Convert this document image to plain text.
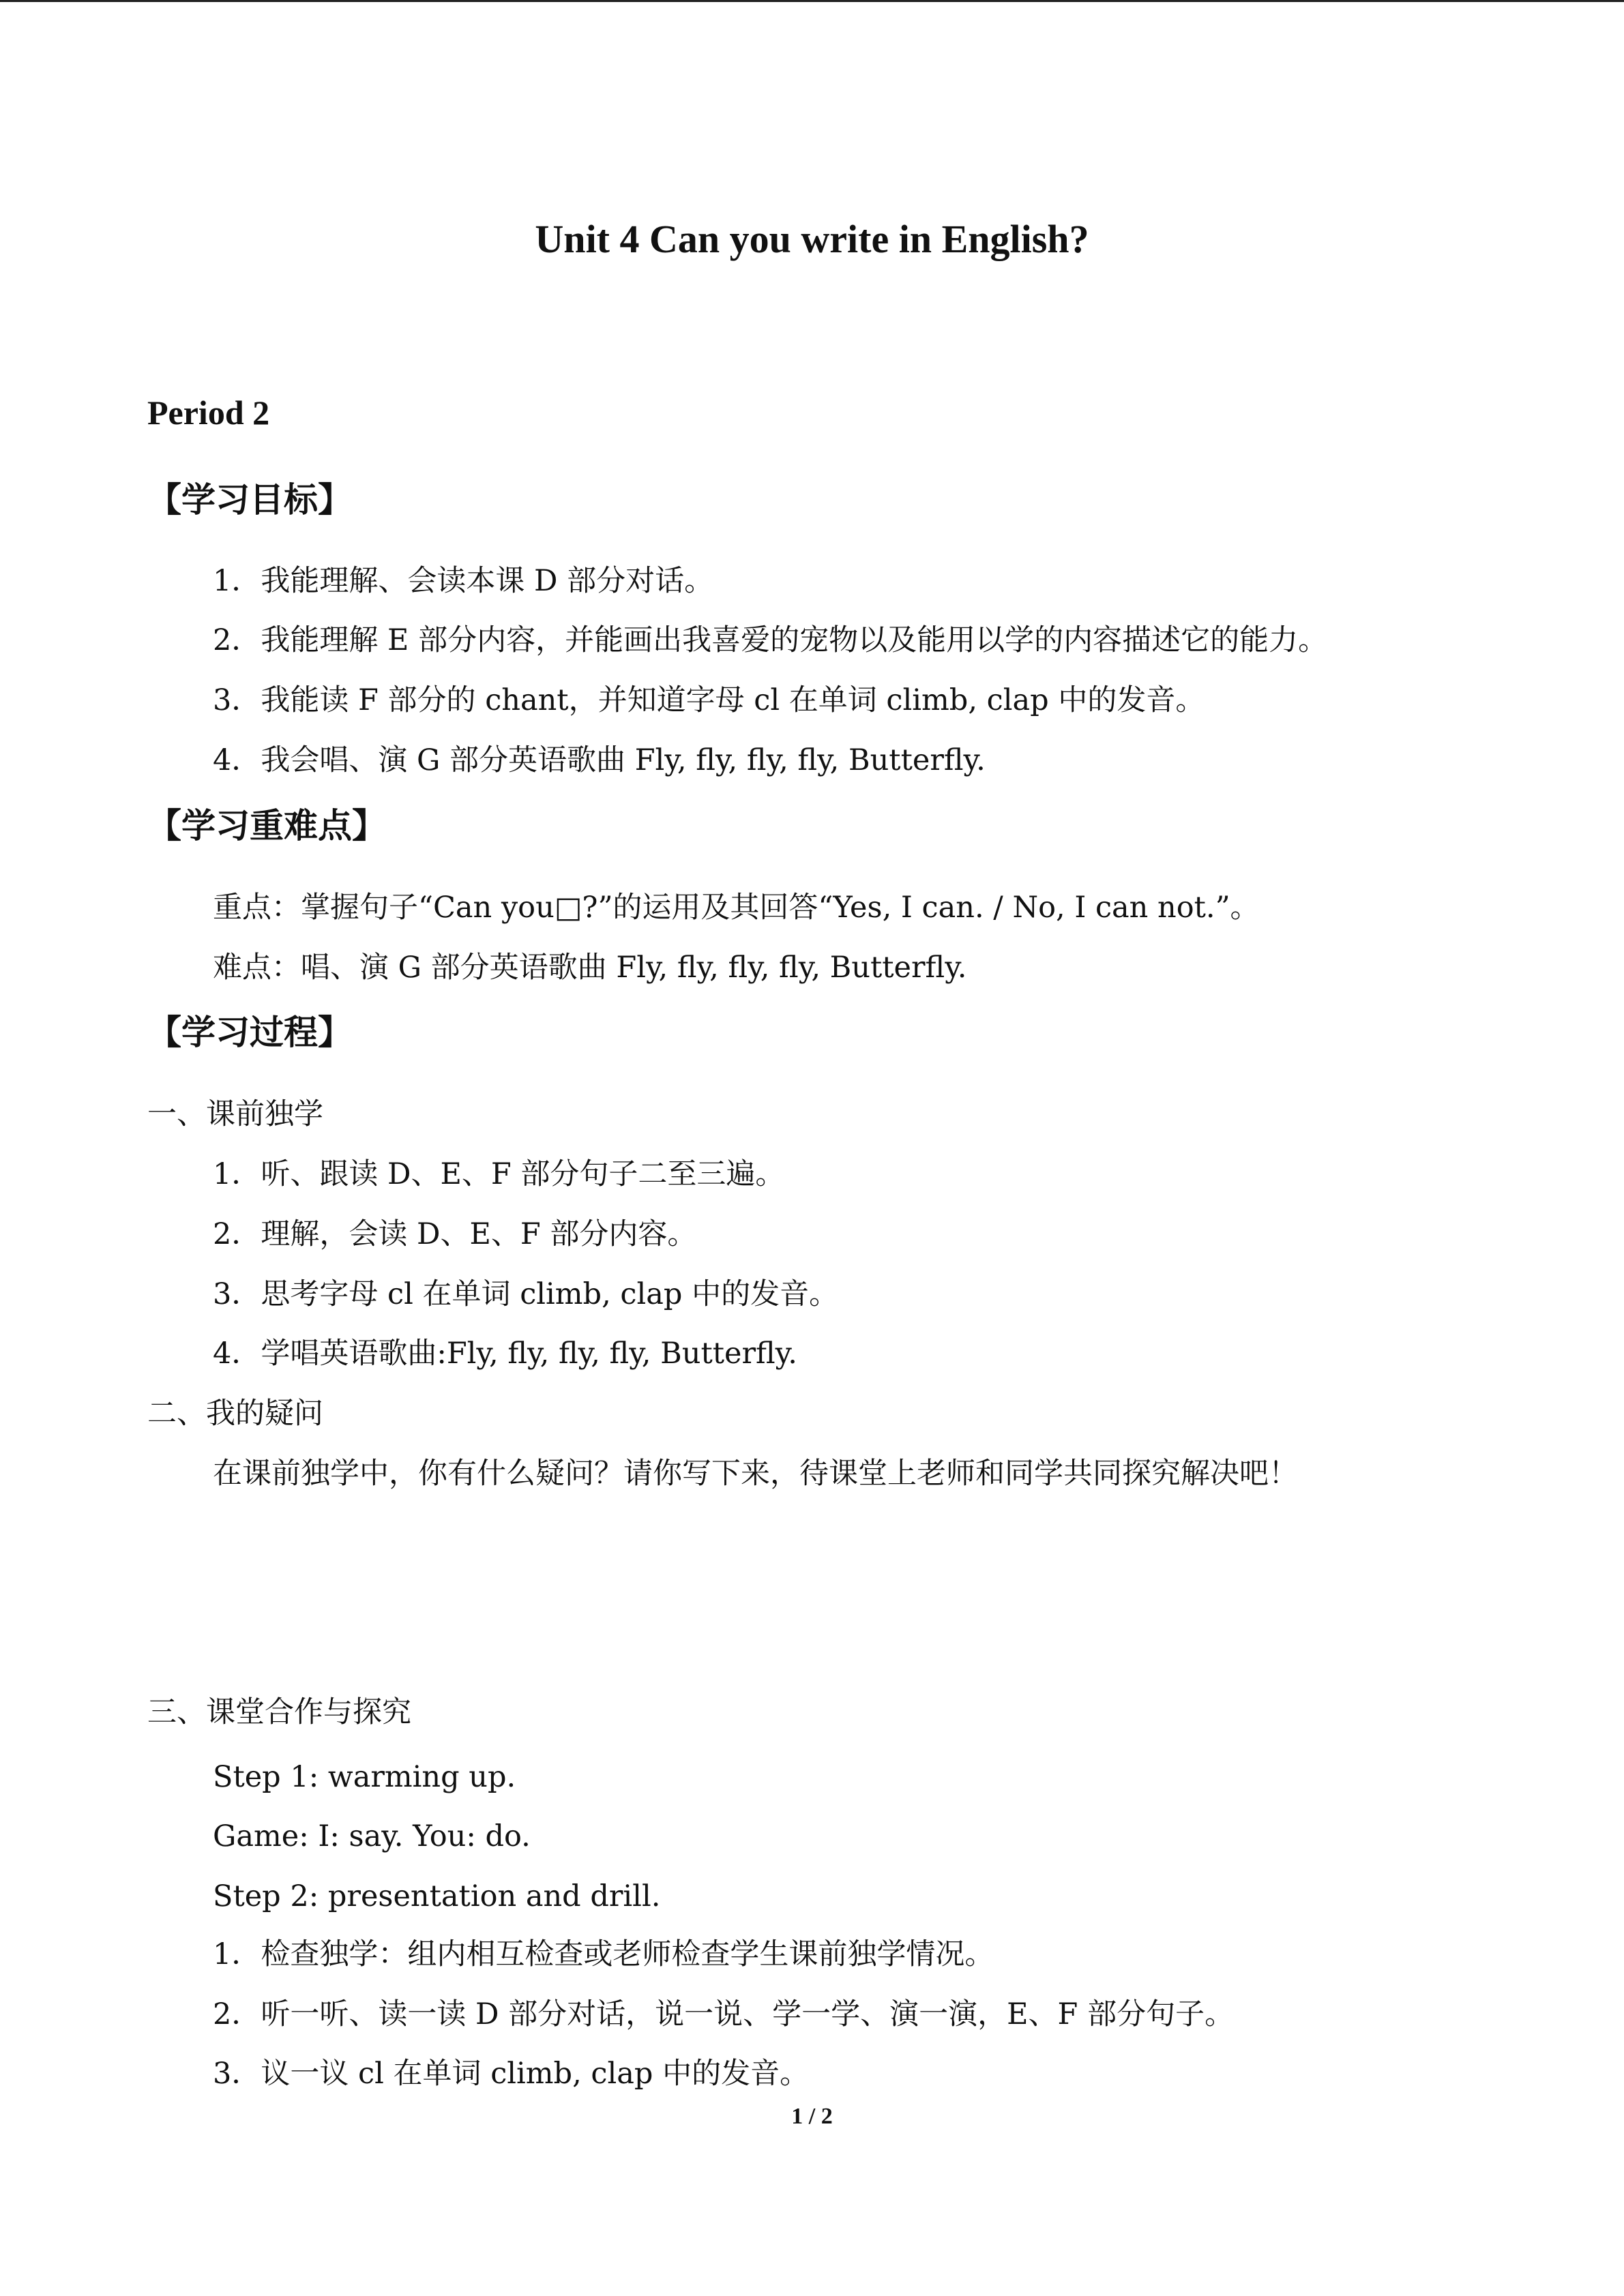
Unit 4 Can you write in English?
Period 2
【学习目标】
1．我能理解、会读本课 D 部分对话。
2．我能理解 E 部分内容，并能画出我喜爱的宠物以及能用以学的内容描述它的能力。
3．我能读 F 部分的 chant，并知道字母 cl 在单词 climb, clap 中的发音。
4．我会唱、演 G 部分英语歌曲 Fly, fly, fly, fly, Butterfly.
【学习重难点】
重点：掌握句子“Can you□?”的运用及其回答“Yes, I can. / No, I can not.”。
难点：唱、演 G 部分英语歌曲 Fly, fly, fly, fly, Butterfly.
【学习过程】
一、课前独学
1．听、跟读 D、E、F 部分句子二至三遍。
2．理解，会读 D、E、F 部分内容。
3．思考字母 cl 在单词 climb, clap 中的发音。
4．学唱英语歌曲:Fly, fly, fly, fly, Butterfly.
二、我的疑问
在课前独学中，你有什么疑问？请你写下来，待课堂上老师和同学共同探究解决吧！
三、课堂合作与探究
Step 1: warming up.
Game: I: say. You: do.
Step 2: presentation and drill.
1．检查独学：组内相互检查或老师检查学生课前独学情况。
2．听一听、读一读 D 部分对话，说一说、学一学、演一演，E、F 部分句子。
3．议一议 cl 在单词 climb, clap 中的发音。
1 / 2
